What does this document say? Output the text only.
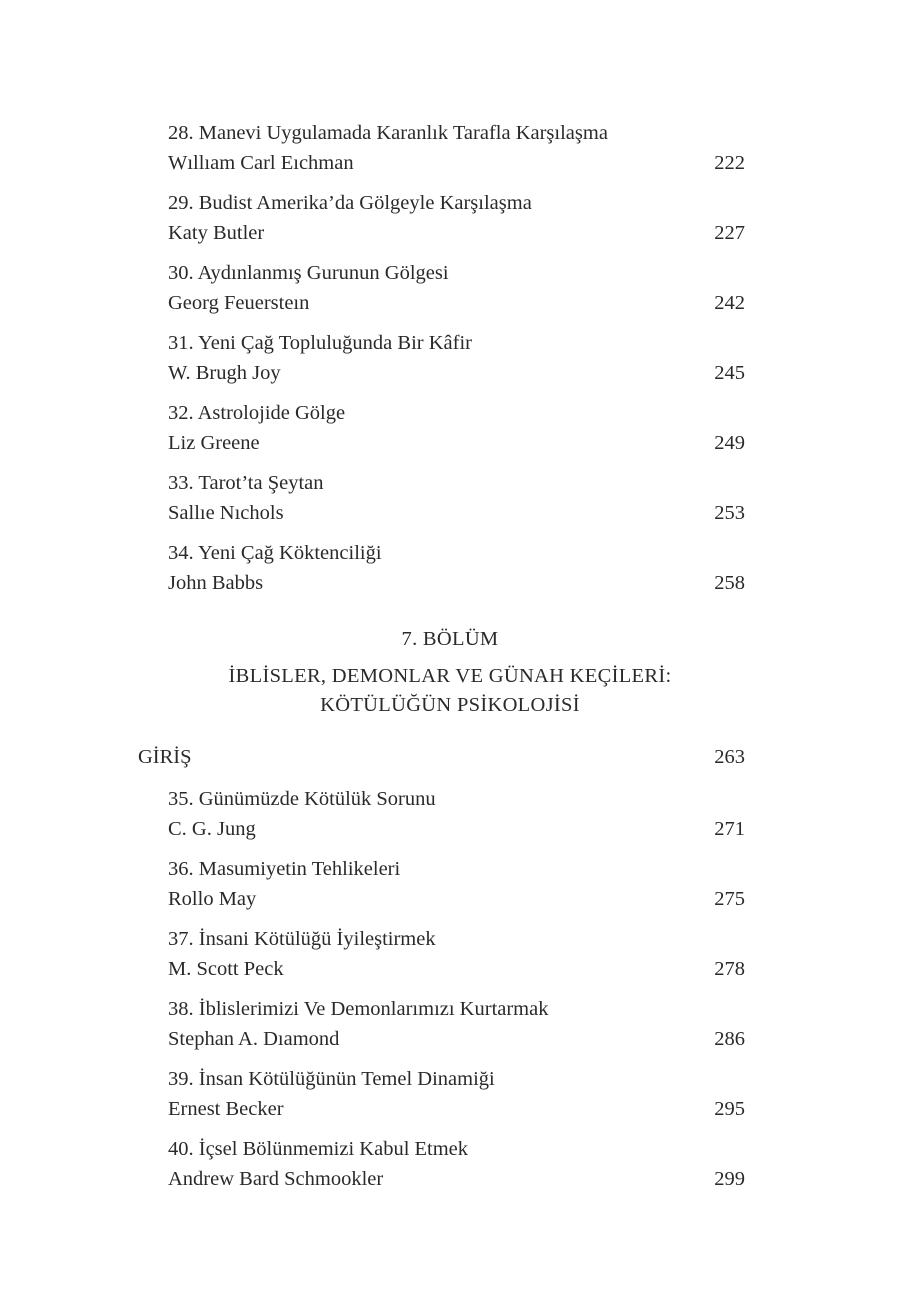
28. Manevi Uygulamada Karanlık Tarafla Karşılaşma
Wıllıam Carl Eıchman	222
29. Budist Amerika’da Gölgeyle Karşılaşma
Katy Butler	227
30. Aydınlanmış Gurunun Gölgesi
Georg Feuersteın	242
31. Yeni Çağ Topluluğunda Bir Kâfir
W. Brugh Joy	245
32. Astrolojide Gölge
Liz Greene	249
33. Tarot’ta Şeytan
Sallıe Nıchols	253
34. Yeni Çağ Köktenciliği
John Babbs	258
7. BÖLÜM
İBLİSLER, DEMONLAR VE GÜNAH KEÇİLERİ:
KÖTÜLÜĞÜN PSİKOLOJİSİ
GİRİŞ	263
35. Günümüzde Kötülük Sorunu
C. G. Jung	271
36. Masumiyetin Tehlikeleri
Rollo May	275
37. İnsani Kötülüğü İyileştirmek
M. Scott Peck	278
38. İblislerimizi Ve Demonlarımızı Kurtarmak
Stephan A. Dıamond	286
39. İnsan Kötülüğünün Temel Dinamiği
Ernest Becker	295
40. İçsel Bölünmemizi Kabul Etmek
Andrew Bard Schmookler	299
